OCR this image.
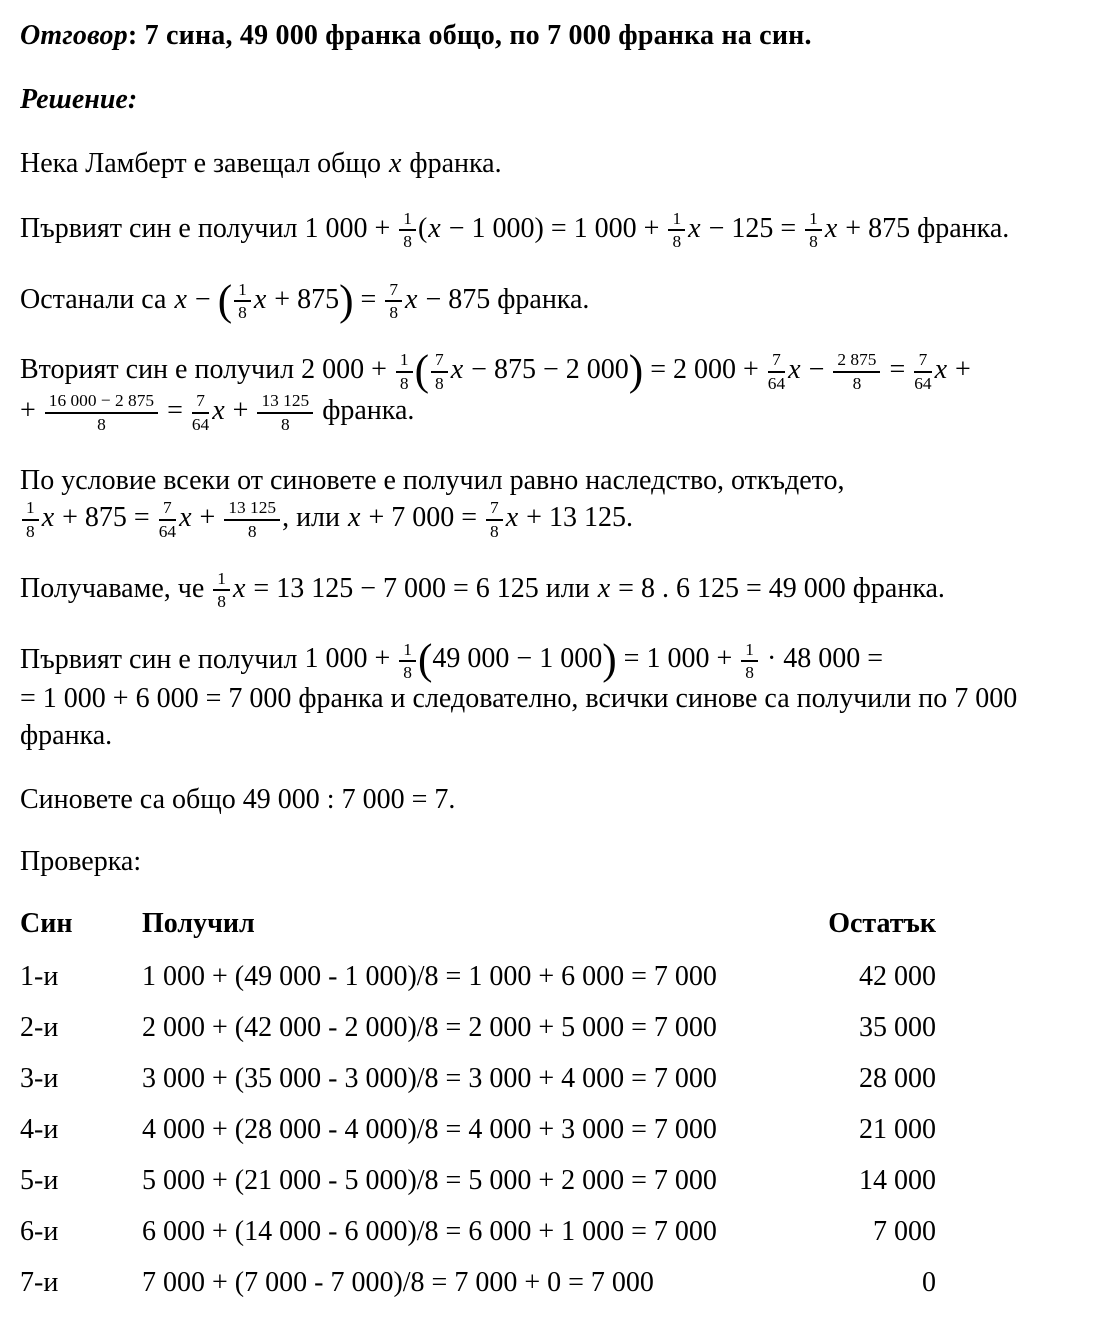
Отговор: 7 сина, 49 000 франка общо, по 7 000 франка на син.

Решение:

Нека Ламберт е завещал общо x франка.

Първият син е получил 1 $000 + \frac{1}{8} (x - 1$ 000) = 1 $000 + \frac{1}{8}$ $x - 125 = \frac{1}{8}$ x + 875 франка.

Останали са x − ( $\frac{1}{8}$ $x + 875) = \frac{7}{8}$ x − 875 франка.

Вторият син е получил 2 $000 + \frac{1}{8}$ ( $\frac{7}{8}$ x − 875 − 2 000) = 2 $000 + \frac{7}{64}$ $x - \frac{2 875}{8} = \frac{7}{64}$ x +
+ $\frac{16 000 - 2 875}{8} = \frac{7}{64}$ $x + \frac{13 125}{8}$ франка.

По условие всеки от синовете е получил равно наследство, откъдето,
$\frac{1}{8}$ $x + 875 = \frac{7}{64}$ $x + \frac{13 125}{8}$ , или x + 7 $000 = \frac{7}{8}$ x + 13 125.

Получаваме, че $\frac{1}{8}$ x = 13 125 − 7 000 = 6 125 или x = 8 . 6 125 = 49 000 франка.

Първият син е получил 1 $000 + \frac{1}{8} (49$ 000 − 1 000) = 1 $000 + \frac{1}{8} \cdot 48$ 000 =
= 1 000 + 6 000 = 7 000 франка и следователно, всички синове са получили по 7 000 франка.

Синовете са общо 49 000 : 7 000 = 7.

Проверка:

Син	Получил	Остатък
1-и	1 000 + (49 000 - 1 000)/8 = 1 000 + 6 000 = 7 000	42 000
2-и	2 000 + (42 000 - 2 000)/8 = 2 000 + 5 000 = 7 000	35 000
3-и	3 000 + (35 000 - 3 000)/8 = 3 000 + 4 000 = 7 000	28 000
4-и	4 000 + (28 000 - 4 000)/8 = 4 000 + 3 000 = 7 000	21 000
5-и	5 000 + (21 000 - 5 000)/8 = 5 000 + 2 000 = 7 000	14 000
6-и	6 000 + (14 000 - 6 000)/8 = 6 000 + 1 000 = 7 000	7 000
7-и	7 000 + (7 000 - 7 000)/8 = 7 000 + 0 = 7 000	0
